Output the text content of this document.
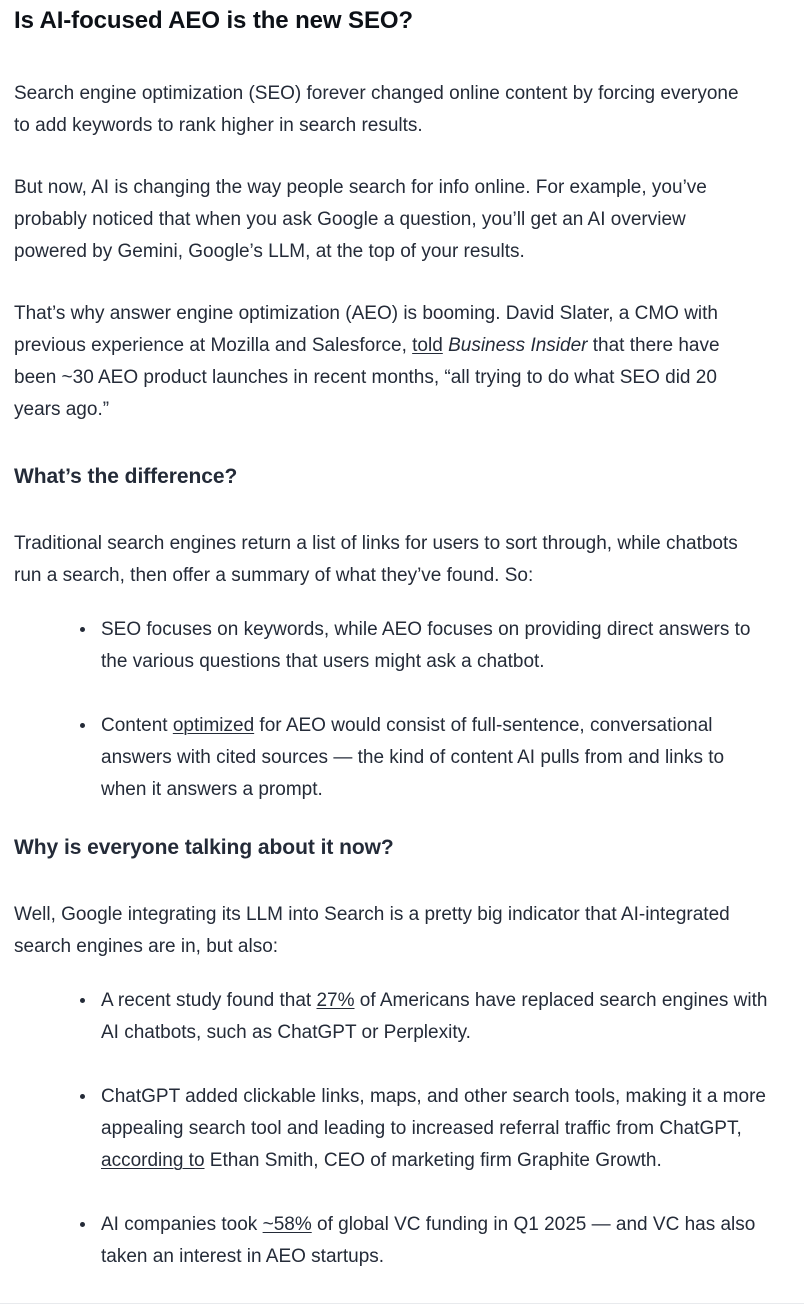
Is AI-focused AEO is the new SEO?

Search engine optimization (SEO) forever changed online content by forcing everyone to add keywords to rank higher in search results.

But now, AI is changing the way people search for info online. For example, you’ve probably noticed that when you ask Google a question, you’ll get an AI overview powered by Gemini, Google’s LLM, at the top of your results.

That’s why answer engine optimization (AEO) is booming. David Slater, a CMO with previous experience at Mozilla and Salesforce, told Business Insider that there have been ~30 AEO product launches in recent months, “all trying to do what SEO did 20 years ago.”

What’s the difference?

Traditional search engines return a list of links for users to sort through, while chatbots run a search, then offer a summary of what they’ve found. So:

SEO focuses on keywords, while AEO focuses on providing direct answers to the various questions that users might ask a chatbot.
Content optimized for AEO would consist of full-sentence, conversational answers with cited sources — the kind of content AI pulls from and links to when it answers a prompt.
Why is everyone talking about it now?

Well, Google integrating its LLM into Search is a pretty big indicator that AI-integrated search engines are in, but also:

A recent study found that 27% of Americans have replaced search engines with AI chatbots, such as ChatGPT or Perplexity.
ChatGPT added clickable links, maps, and other search tools, making it a more appealing search tool and leading to increased referral traffic from ChatGPT, according to Ethan Smith, CEO of marketing firm Graphite Growth.
AI companies took ~58% of global VC funding in Q1 2025 — and VC has also taken an interest in AEO startups.
